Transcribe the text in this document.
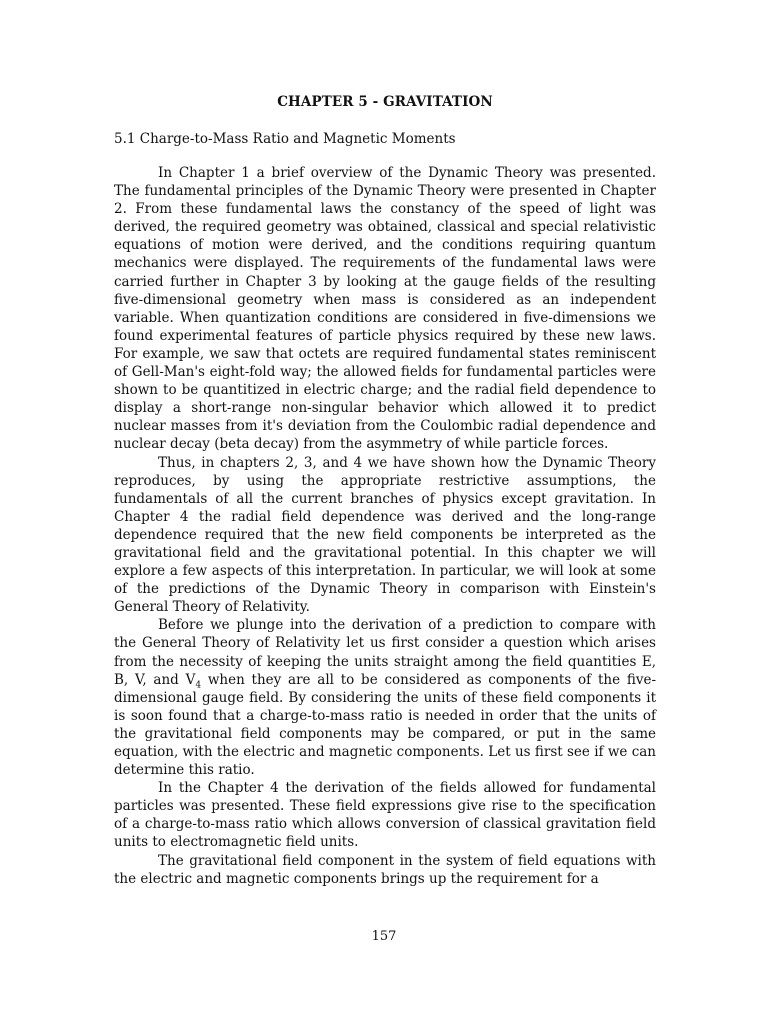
CHAPTER 5 - GRAVITATION
5.1 Charge-to-Mass Ratio and Magnetic Moments

In Chapter 1 a brief overview of the Dynamic Theory was presented. The fundamental principles of the Dynamic Theory were presented in Chapter 2. From these fundamental laws the constancy of the speed of light was derived, the required geometry was obtained, classical and special relativistic equations of motion were derived, and the conditions requiring quantum mechanics were displayed. The requirements of the fundamental laws were carried further in Chapter 3 by looking at the gauge fields of the resulting five-dimensional geometry when mass is considered as an independent variable. When quantization conditions are considered in five-dimensions we found experimental features of particle physics required by these new laws. For example, we saw that octets are required fundamental states reminiscent of Gell-Man's eight-fold way; the allowed fields for fundamental particles were shown to be quantitized in electric charge; and the radial field dependence to display a short-range non-singular behavior which allowed it to predict nuclear masses from it's deviation from the Coulombic radial dependence and nuclear decay (beta decay) from the asymmetry of while particle forces.

Thus, in chapters 2, 3, and 4 we have shown how the Dynamic Theory reproduces, by using the appropriate restrictive assumptions, the fundamentals of all the current branches of physics except gravitation. In Chapter 4 the radial field dependence was derived and the long-range dependence required that the new field components be interpreted as the gravitational field and the gravitational potential. In this chapter we will explore a few aspects of this interpretation. In particular, we will look at some of the predictions of the Dynamic Theory in comparison with Einstein's General Theory of Relativity.

Before we plunge into the derivation of a prediction to compare with the General Theory of Relativity let us first consider a question which arises from the necessity of keeping the units straight among the field quantities E, B, V, and $V_4$ when they are all to be considered as components of the five-dimensional gauge field. By considering the units of these field components it is soon found that a charge-to-mass ratio is needed in order that the units of the gravitational field components may be compared, or put in the same equation, with the electric and magnetic components. Let us first see if we can determine this ratio.

In the Chapter 4 the derivation of the fields allowed for fundamental particles was presented. These field expressions give rise to the specification of a charge-to-mass ratio which allows conversion of classical gravitation field units to electromagnetic field units.

The gravitational field component in the system of field equations with the electric and magnetic components brings up the requirement for a

157
